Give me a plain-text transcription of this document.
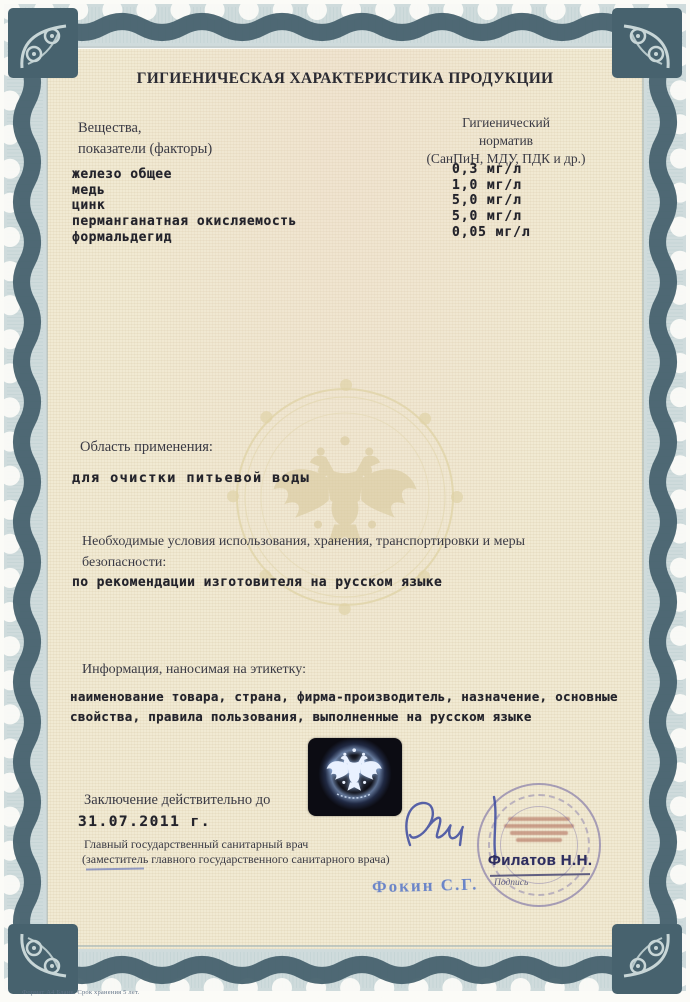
ГИГИЕНИЧЕСКАЯ ХАРАКТЕРИСТИКА ПРОДУКЦИИ
Вещества,
показатели (факторы)
Гигиенический
норматив
(СанПиН, МДУ, ПДК и др.)
железо общее
медь
цинк
перманганатная окисляемость
формальдегид
0,3 мг/л
1,0 мг/л
5,0 мг/л
5,0 мг/л
0,05 мг/л
Область применения:
для очистки питьевой воды
Необходимые условия использования, хранения, транспортировки и меры
безопасности:
по рекомендации изготовителя на русском языке
Информация, наносимая на этикетку:
наименование товара, страна, фирма-производитель, назначение, основные
свойства, правила пользования, выполненные на русском языке
Заключение действительно до
31.07.2011 г.
Главный государственный санитарный врач
(заместитель главного государственного санитарного врача)	Филатов Н.Н.
Подпись
Фокин С.Г.
Формат А4 Бланк. Срок хранения 5 лет.
